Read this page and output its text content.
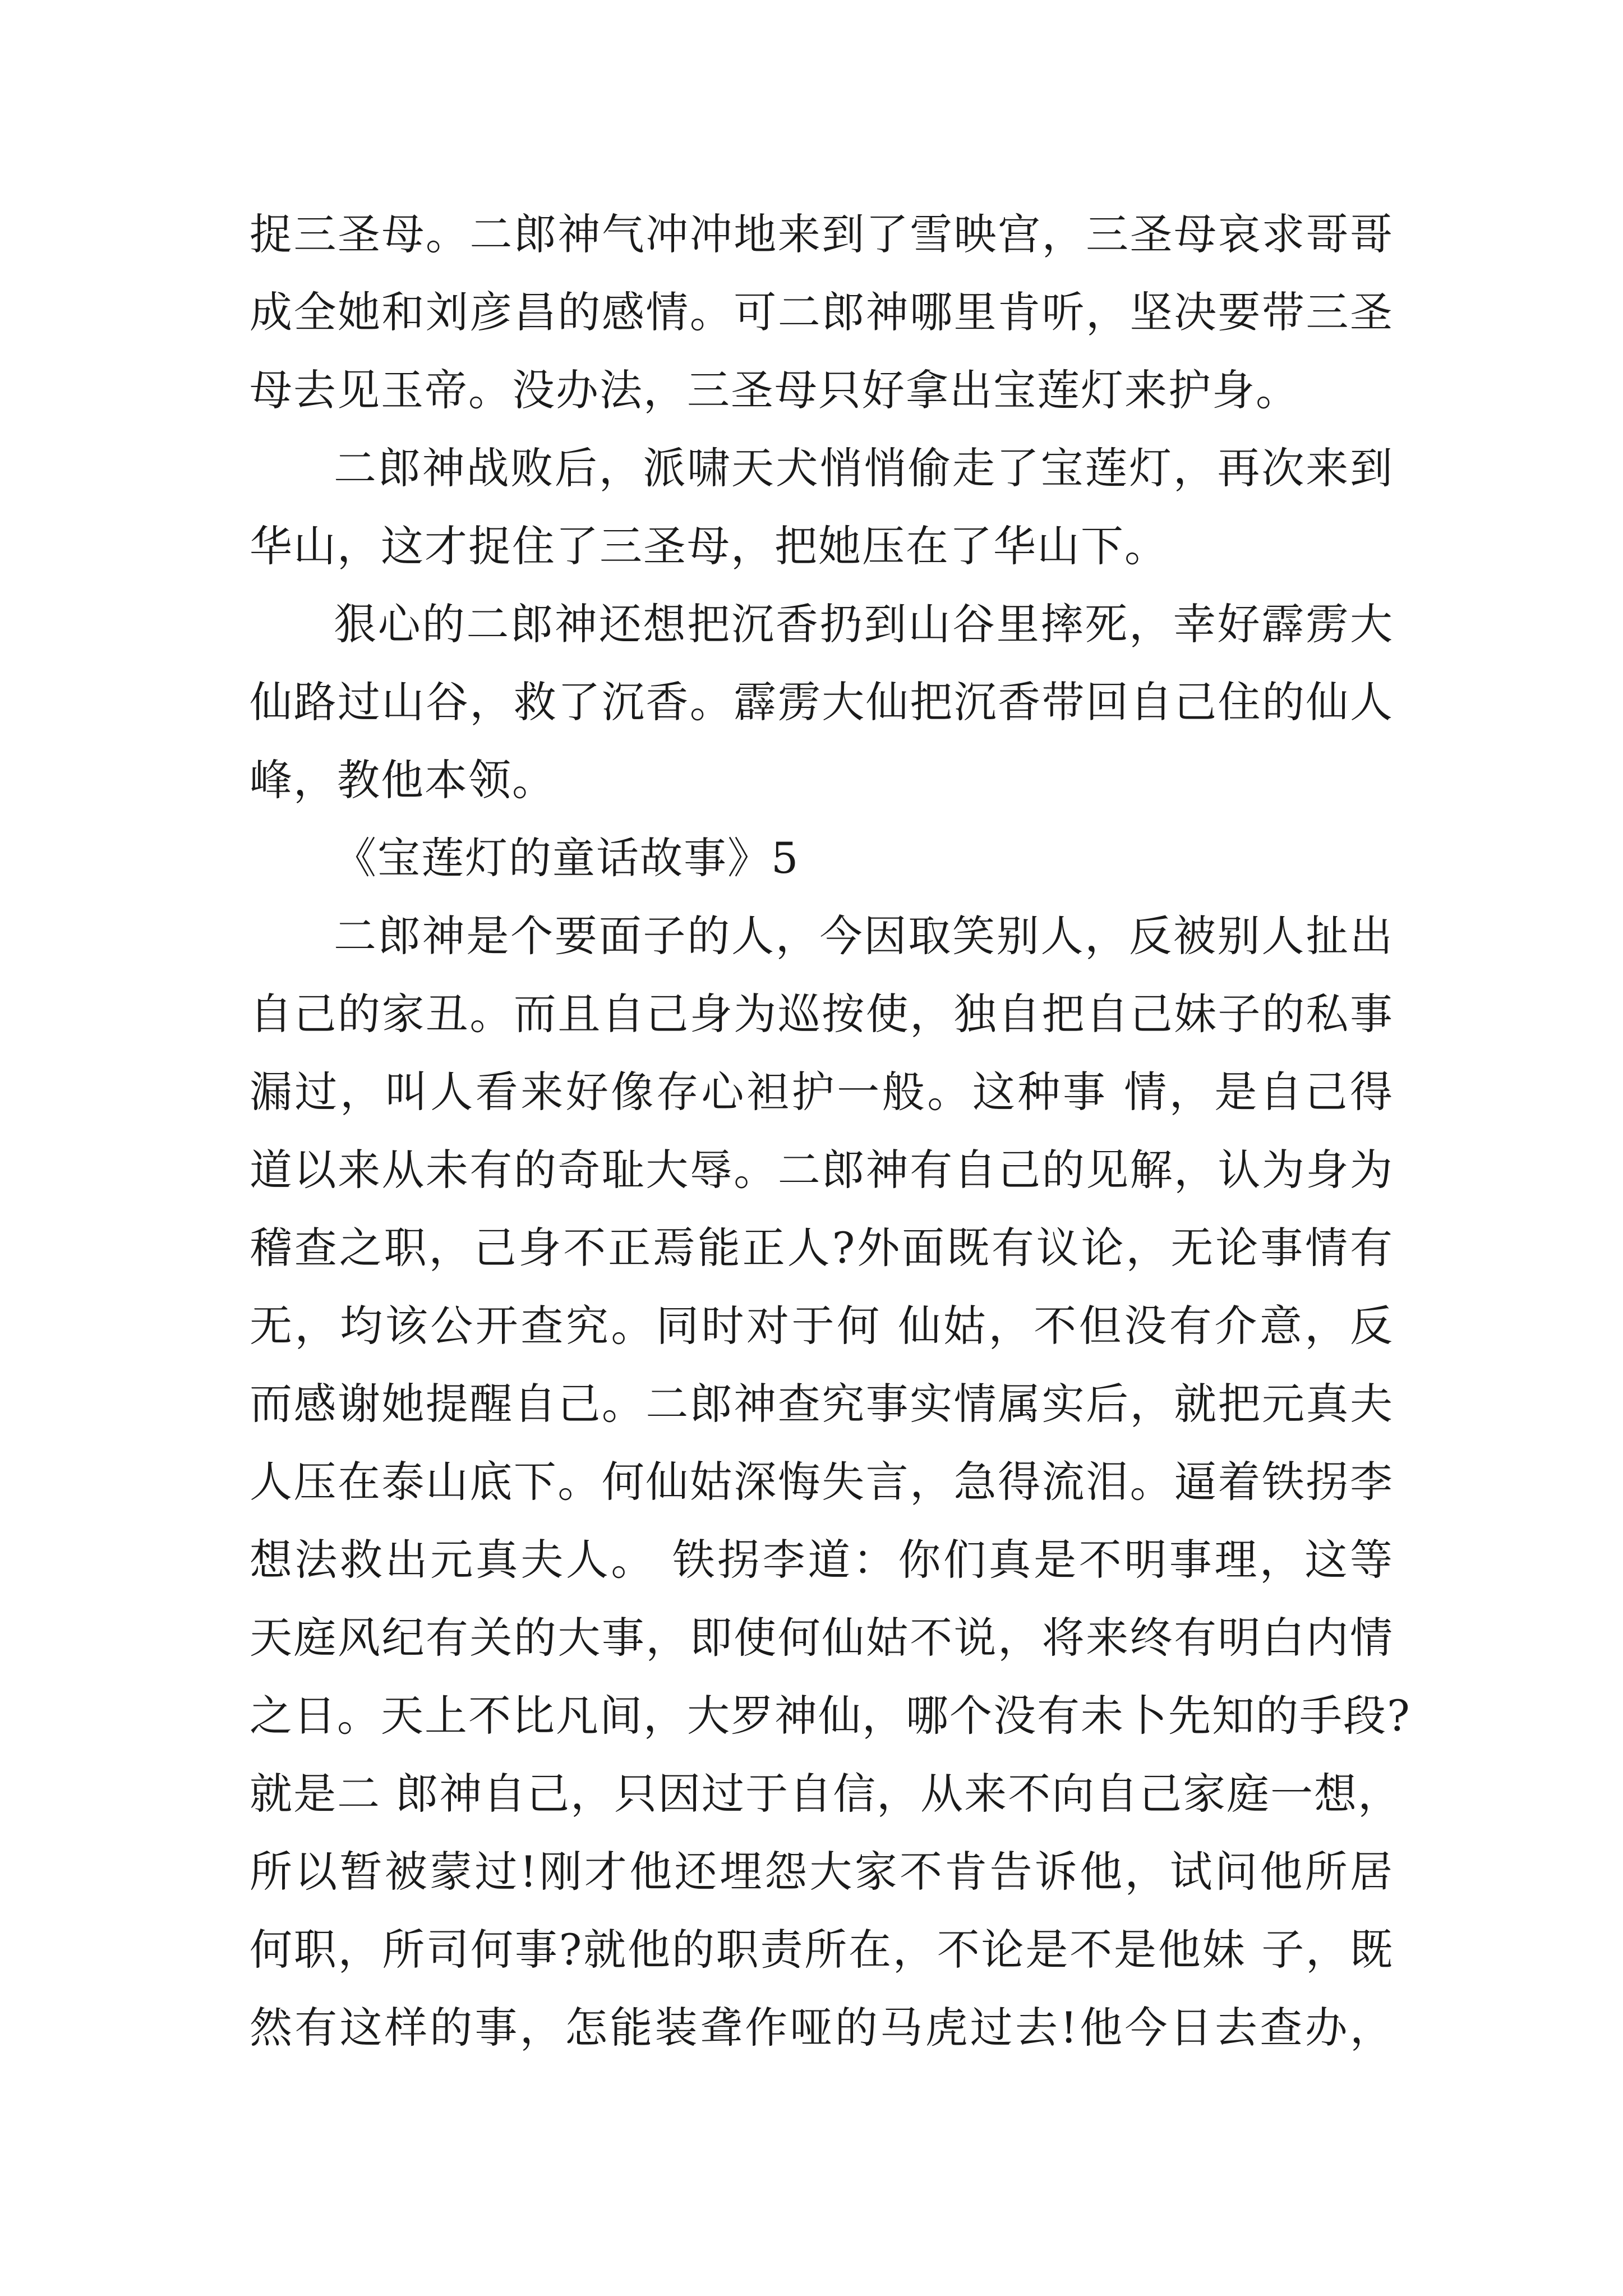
捉三圣母。二郎神气冲冲地来到了雪映宫，三圣母哀求哥哥
成全她和刘彦昌的感情。可二郎神哪里肯听，坚决要带三圣
母去见玉帝。没办法，三圣母只好拿出宝莲灯来护身。
二郎神战败后，派啸天犬悄悄偷走了宝莲灯，再次来到
华山，这才捉住了三圣母，把她压在了华山下。
狠心的二郎神还想把沉香扔到山谷里摔死，幸好霹雳大
仙路过山谷，救了沉香。霹雳大仙把沉香带回自己住的仙人
峰，教他本领。
《宝莲灯的童话故事》5
二郎神是个要面子的人，今因取笑别人，反被别人扯出
自己的家丑。而且自己身为巡按使，独自把自己妹子的私事
漏过，叫人看来好像存心袒护一般。这种事 情，是自己得
道以来从未有的奇耻大辱。二郎神有自己的见解，认为身为
稽查之职，己身不正焉能正人?外面既有议论，无论事情有
无，均该公开查究。同时对于何 仙姑，不但没有介意，反
而感谢她提醒自己。二郎神查究事实情属实后，就把元真夫
人压在泰山底下。何仙姑深悔失言，急得流泪。逼着铁拐李
想法救出元真夫人。 铁拐李道：你们真是不明事理，这等
天庭风纪有关的大事，即使何仙姑不说，将来终有明白内情
之日。天上不比凡间，大罗神仙，哪个没有未卜先知的手段?
就是二 郎神自己，只因过于自信，从来不向自己家庭一想，
所以暂被蒙过!刚才他还埋怨大家不肯告诉他，试问他所居
何职，所司何事?就他的职责所在，不论是不是他妹 子，既
然有这样的事，怎能装聋作哑的马虎过去!他今日去查办，
